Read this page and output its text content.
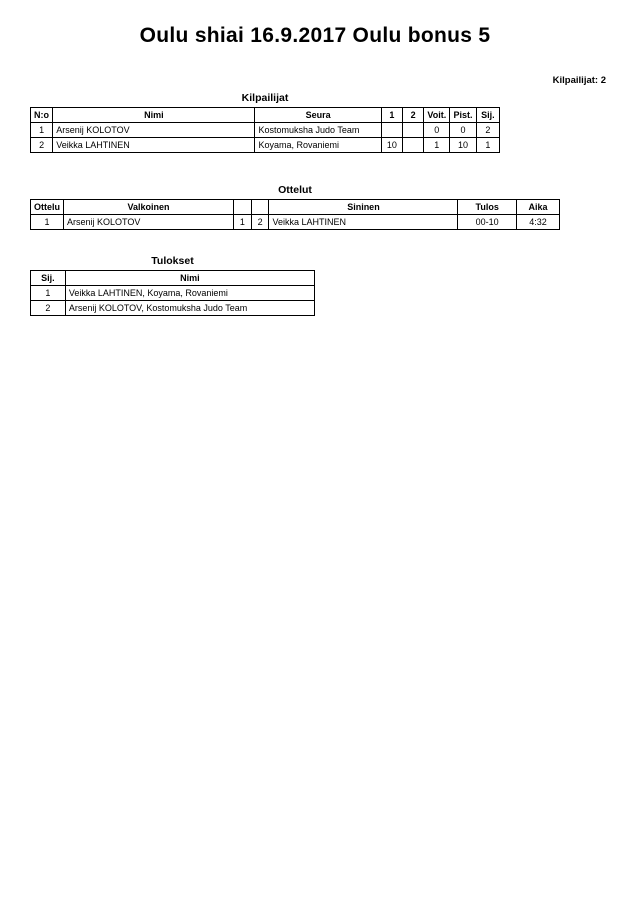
Oulu shiai 16.9.2017 Oulu bonus 5
Kilpailijat: 2
Kilpailijat
N:o	Nimi	Seura	1	2	Voit.	Pist.	Sij.
1	Arsenij KOLOTOV	Kostomuksha Judo Team			0	0	2
2	Veikka LAHTINEN	Koyama, Rovaniemi	10		1	10	1
Ottelut
Ottelu	Valkoinen			Sininen	Tulos	Aika
1	Arsenij KOLOTOV	1	2	Veikka LAHTINEN	00-10	4:32
Tulokset
Sij.	Nimi
1	Veikka LAHTINEN, Koyama, Rovaniemi
2	Arsenij KOLOTOV, Kostomuksha Judo Team
